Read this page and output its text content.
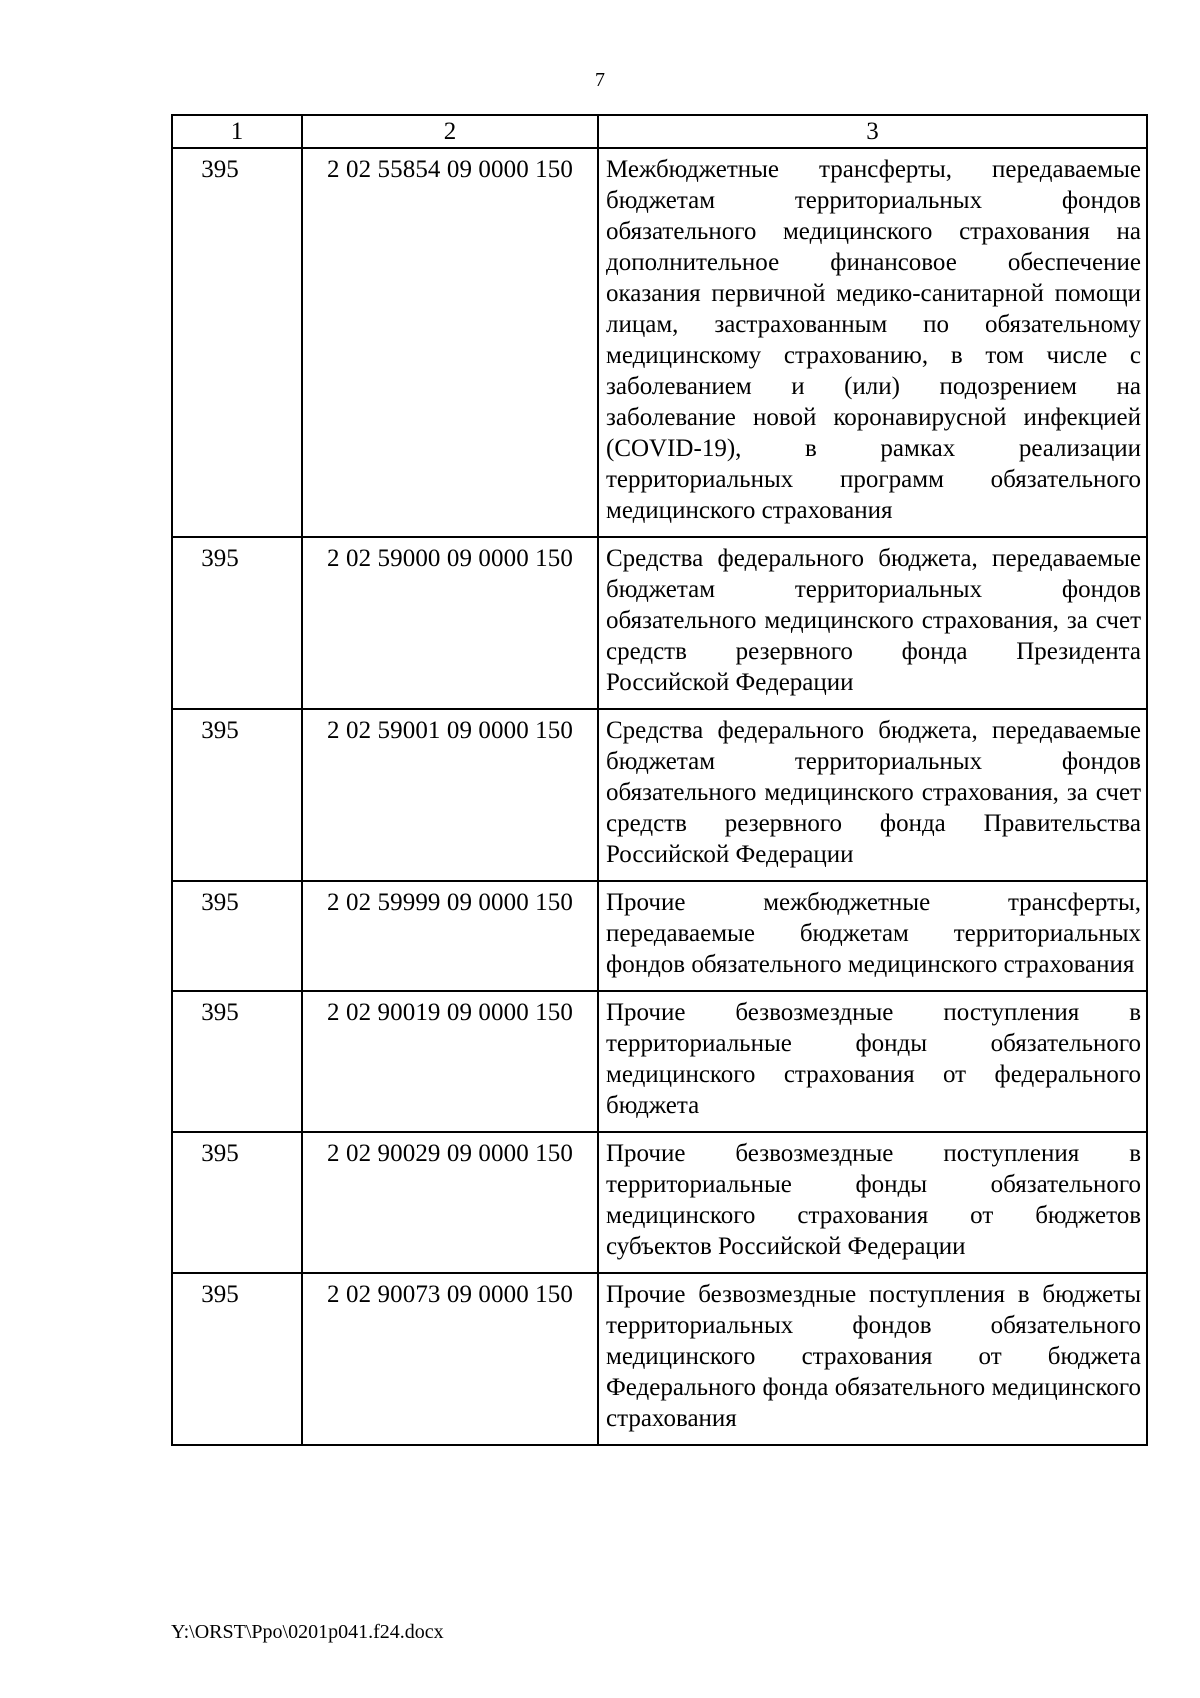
7
1	2	3
395	2 02 55854 09 0000 150	Межбюджетные трансферты, передаваемые бюджетам территориальных фондов обязательного медицинского страхования на дополнительное финансовое обеспечение оказания первичной медико-санитарной помощи лицам, застрахованным по обязательному медицинскому страхованию, в том числе с заболеванием и (или) подозрением на заболевание новой коронавирусной инфекцией (COVID-19), в рамках реализации территориальных программ обязательного медицинского страхования
395	2 02 59000 09 0000 150	Средства федерального бюджета, передаваемые бюджетам территориальных фондов обязательного медицинского страхования, за счет средств резервного фонда Президента Российской Федерации
395	2 02 59001 09 0000 150	Средства федерального бюджета, передаваемые бюджетам территориальных фондов обязательного медицинского страхования, за счет средств резервного фонда Правительства Российской Федерации
395	2 02 59999 09 0000 150	Прочие межбюджетные трансферты, передаваемые бюджетам территориальных фондов обязательного медицинского страхования
395	2 02 90019 09 0000 150	Прочие безвозмездные поступления в территориальные фонды обязательного медицинского страхования от федерального бюджета
395	2 02 90029 09 0000 150	Прочие безвозмездные поступления в территориальные фонды обязательного медицинского страхования от бюджетов субъектов Российской Федерации
395	2 02 90073 09 0000 150	Прочие безвозмездные поступления в бюджеты территориальных фондов обязательного медицинского страхования от бюджета Федерального фонда обязательного медицинского страхования
Y:\ORST\Ppo\0201p041.f24.docx
